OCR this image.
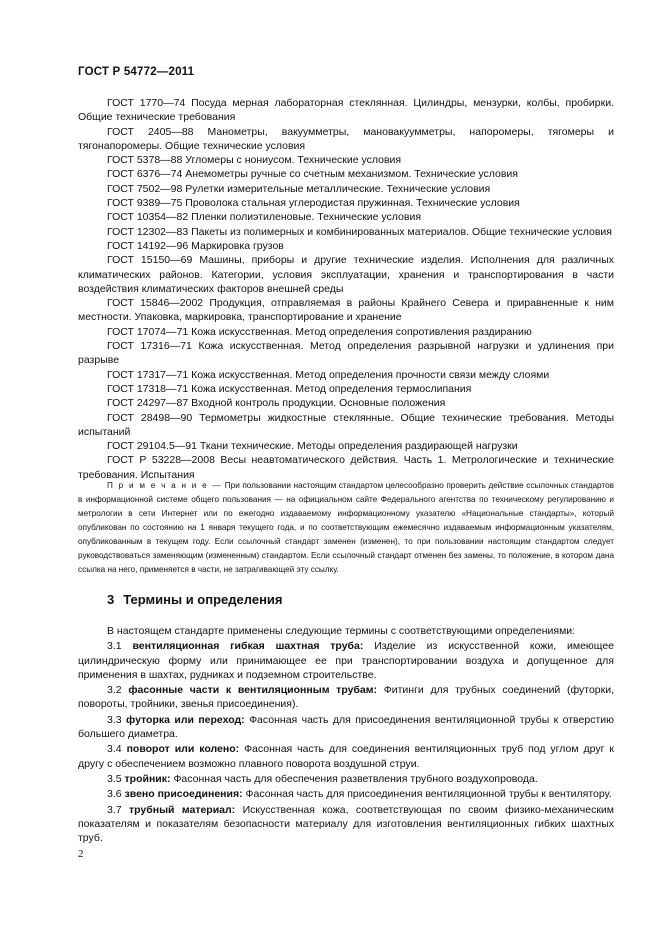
ГОСТ Р 54772—2011

ГОСТ 1770—74 Посуда мерная лабораторная стеклянная. Цилиндры, мензурки, колбы, пробирки. Общие технические требования

ГОСТ 2405—88 Манометры, вакуумметры, мановакуумметры, напоромеры, тягомеры и тягонапоромеры. Общие технические условия

ГОСТ 5378—88 Угломеры с нониусом. Технические условия

ГОСТ 6376—74 Анемометры ручные со счетным механизмом. Технические условия

ГОСТ 7502—98 Рулетки измерительные металлические. Технические условия

ГОСТ 9389—75 Проволока стальная углеродистая пружинная. Технические условия

ГОСТ 10354—82 Пленки полиэтиленовые. Технические условия

ГОСТ 12302—83 Пакеты из полимерных и комбинированных материалов. Общие технические условия

ГОСТ 14192—96 Маркировка грузов

ГОСТ 15150—69 Машины, приборы и другие технические изделия. Исполнения для различных климатических районов. Категории, условия эксплуатации, хранения и транспортирования в части воздействия климатических факторов внешней среды

ГОСТ 15846—2002 Продукция, отправляемая в районы Крайнего Севера и приравненные к ним местности. Упаковка, маркировка, транспортирование и хранение

ГОСТ 17074—71 Кожа искусственная. Метод определения сопротивления раздиранию

ГОСТ 17316—71 Кожа искусственная. Метод определения разрывной нагрузки и удлинения при разрыве

ГОСТ 17317—71 Кожа искусственная. Метод определения прочности связи между слоями

ГОСТ 17318—71 Кожа искусственная. Метод определения термослипания

ГОСТ 24297—87 Входной контроль продукции. Основные положения

ГОСТ 28498—90 Термометры жидкостные стеклянные. Общие технические требования. Методы испытаний

ГОСТ 29104.5—91 Ткани технические. Методы определения раздирающей нагрузки

ГОСТ Р 53228—2008 Весы неавтоматического действия. Часть 1. Метрологические и технические требования. Испытания

П р и м е ч а н и е — При пользовании настоящим стандартом целесообразно проверить действие ссылочных стандартов в информационной системе общего пользования — на официальном сайте Федерального агентства по техническому регулированию и метрологии в сети Интернет или по ежегодно издаваемому информационному указателю «Национальные стандарты», который опубликован по состоянию на 1 января текущего года, и по соответствующим ежемесячно издаваемым информационным указателям, опубликованным в текущем году. Если ссылочный стандарт заменен (изменен), то при пользовании настоящим стандартом следует руководствоваться заменяющим (измененным) стандартом. Если ссылочный стандарт отменен без замены, то положение, в котором дана ссылка на него, применяется в части, не затрагивающей эту ссылку.

3 Термины и определения

В настоящем стандарте применены следующие термины с соответствующими определениями:

3.1 вентиляционная гибкая шахтная труба: Изделие из искусственной кожи, имеющее цилиндрическую форму или принимающее ее при транспортировании воздуха и допущенное для применения в шахтах, рудниках и подземном строительстве.

3.2 фасонные части к вентиляционным трубам: Фитинги для трубных соединений (футорки, повороты, тройники, звенья присоединения).

3.3 футорка или переход: Фасонная часть для присоединения вентиляционной трубы к отверстию большего диаметра.

3.4 поворот или колено: Фасонная часть для соединения вентиляционных труб под углом друг к другу с обеспечением возможно плавного поворота воздушной струи.

3.5 тройник: Фасонная часть для обеспечения разветвления трубного воздухопровода.

3.6 звено присоединения: Фасонная часть для присоединения вентиляционной трубы к вентилятору.

3.7 трубный материал: Искусственная кожа, соответствующая по своим физико-механическим показателям и показателям безопасности материалу для изготовления вентиляционных гибких шахтных труб.

2
